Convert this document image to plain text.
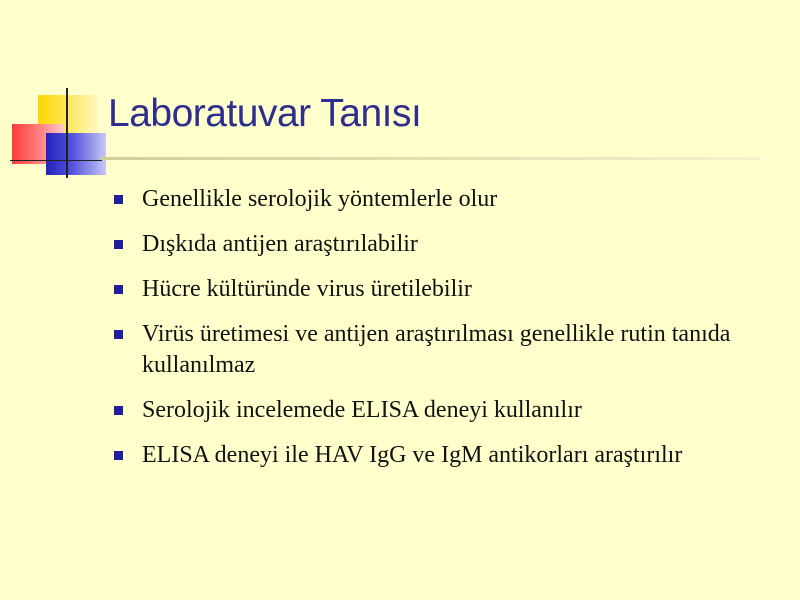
Laboratuvar Tanısı
Genellikle serolojik yöntemlerle olur
Dışkıda antijen araştırılabilir
Hücre kültüründe virus üretilebilir
Virüs üretimesi ve antijen araştırılması genellikle rutin tanıda kullanılmaz
Serolojik incelemede ELISA deneyi kullanılır
ELISA deneyi ile HAV IgG ve IgM antikorları araştırılır
